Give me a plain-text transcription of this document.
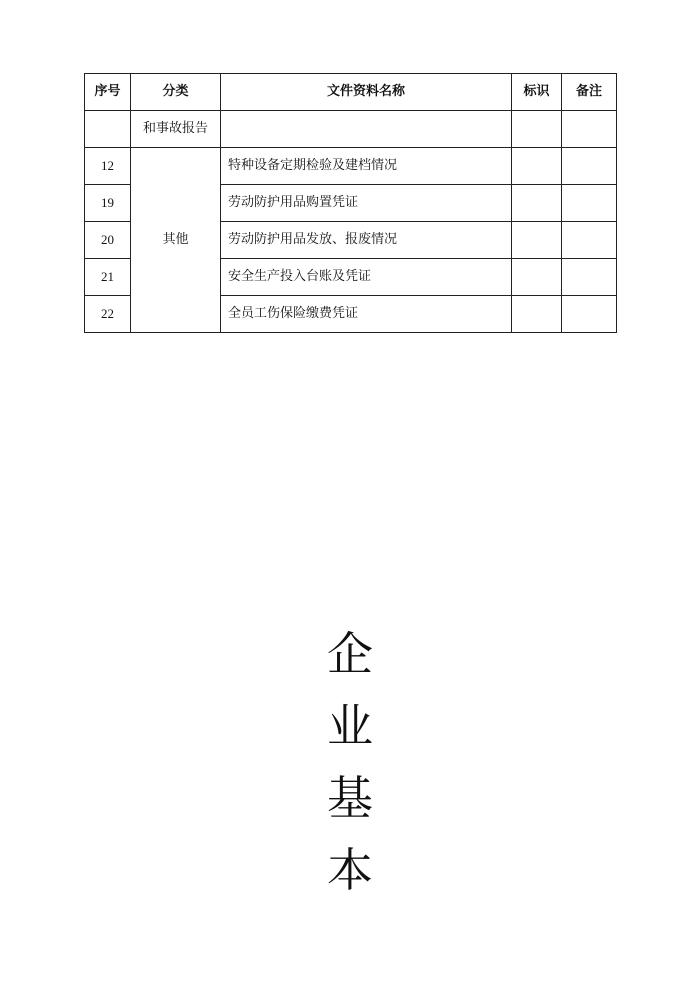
序号	分类	文件资料名称	标识	备注
	和事故报告			
12	其他	特种设备定期检验及建档情况		
19		劳动防护用品购置凭证		
20		劳动防护用品发放、报废情况		
21		安全生产投入台账及凭证		
22		全员工伤保险缴费凭证		
企
业
基
本
